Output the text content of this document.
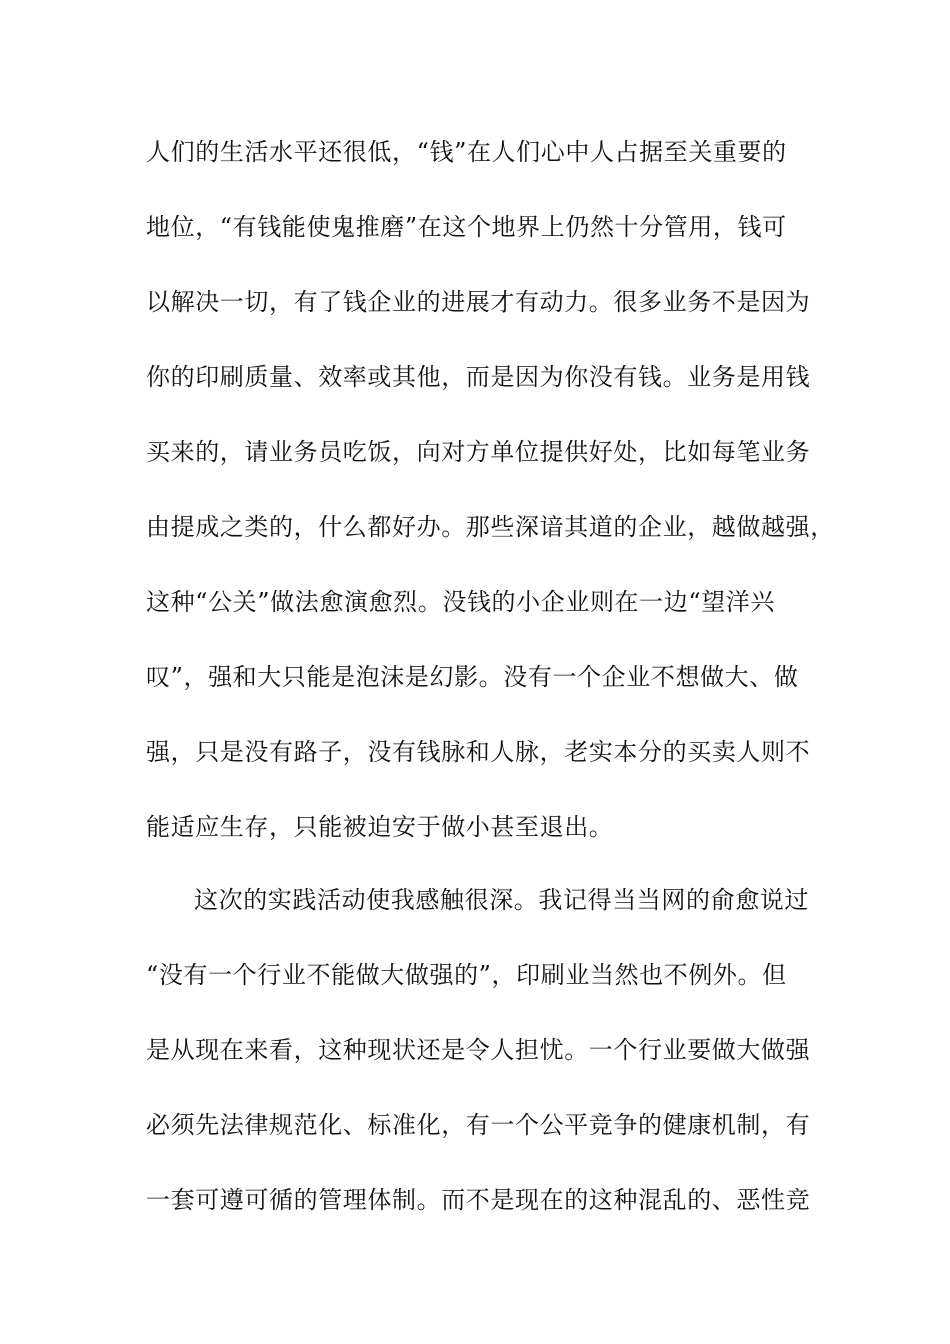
人们的生活水平还很低，“钱”在人们心中人占据至关重要的
地位，“有钱能使鬼推磨”在这个地界上仍然十分管用，钱可
以解决一切，有了钱企业的进展才有动力。很多业务不是因为
你的印刷质量、效率或其他，而是因为你没有钱。业务是用钱
买来的，请业务员吃饭，向对方单位提供好处，比如每笔业务
由提成之类的，什么都好办。那些深谙其道的企业，越做越强，
这种“公关”做法愈演愈烈。没钱的小企业则在一边“望洋兴
叹”，强和大只能是泡沫是幻影。没有一个企业不想做大、做
强，只是没有路子，没有钱脉和人脉，老实本分的买卖人则不
能适应生存，只能被迫安于做小甚至退出。
这次的实践活动使我感触很深。我记得当当网的俞愈说过
“没有一个行业不能做大做强的”，印刷业当然也不例外。但
是从现在来看，这种现状还是令人担忧。一个行业要做大做强
必须先法律规范化、标准化，有一个公平竞争的健康机制，有
一套可遵可循的管理体制。而不是现在的这种混乱的、恶性竞
